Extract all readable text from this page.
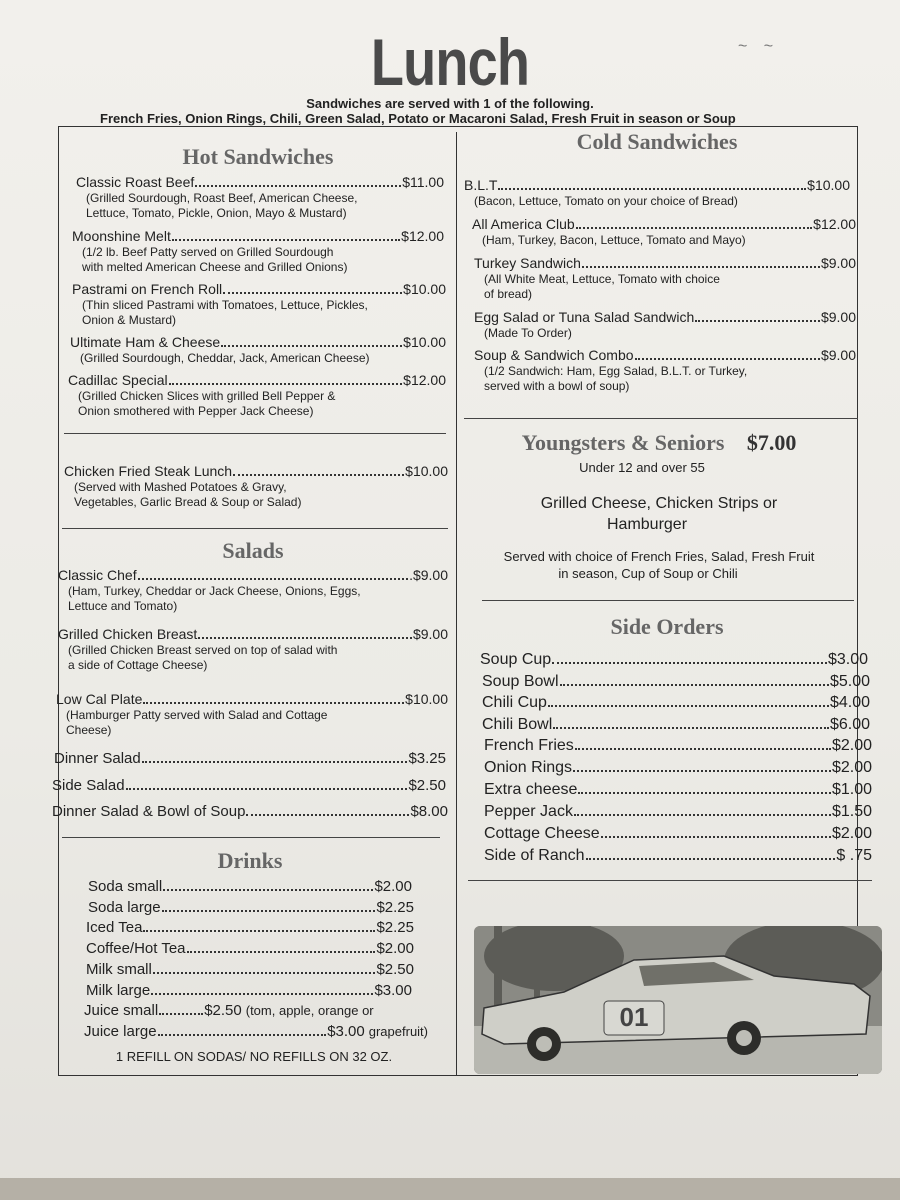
Lunch	~ ~
Sandwiches are served with 1 of the following.
French Fries, Onion Rings, Chili, Green Salad, Potato or Macaroni Salad, Fresh Fruit in season or Soup
Hot Sandwiches
Classic Roast Beef	$11.00
(Grilled Sourdough, Roast Beef, American Cheese,
Lettuce, Tomato, Pickle, Onion, Mayo & Mustard)
Moonshine Melt	$12.00
(1/2 lb. Beef Patty served on Grilled Sourdough
with melted American Cheese and Grilled Onions)
Pastrami on French Roll	$10.00
(Thin sliced Pastrami with Tomatoes, Lettuce, Pickles,
Onion & Mustard)
Ultimate Ham & Cheese	$10.00
(Grilled Sourdough, Cheddar, Jack, American Cheese)
Cadillac Special	$12.00
(Grilled Chicken Slices with grilled Bell Pepper &
Onion smothered with Pepper Jack Cheese)
Chicken Fried Steak Lunch	$10.00
(Served with Mashed Potatoes & Gravy,
Vegetables, Garlic Bread & Soup or Salad)
Salads
Classic Chef	.$9.00
(Ham, Turkey, Cheddar or Jack Cheese, Onions, Eggs,
Lettuce and Tomato)
Grilled Chicken Breast	$9.00
(Grilled Chicken Breast served on top of salad with
a side of Cottage Cheese)
Low Cal Plate	$10.00
(Hamburger Patty served with Salad and Cottage
Cheese)
Dinner Salad	$3.25
Side Salad	$2.50
Dinner Salad & Bowl of Soup	$8.00
Drinks
Soda small	$2.00
Soda large	$2.25
Iced Tea	$2.25
Coffee/Hot Tea	$2.00
Milk small	$2.50
Milk large	$3.00
Juice small	$2.50 (tom, apple, orange or
Juice large	$3.00 grapefruit)
1 REFILL ON SODAS/ NO REFILLS ON 32 OZ.
Cold Sandwiches
B.L.T	$10.00
(Bacon, Lettuce, Tomato on your choice of Bread)
All America Club	$12.00
(Ham, Turkey, Bacon, Lettuce, Tomato and Mayo)
Turkey Sandwich	$9.00
(All White Meat, Lettuce, Tomato with choice
of bread)
Egg Salad or Tuna Salad Sandwich	$9.00
(Made To Order)
Soup & Sandwich Combo	$9.00
(1/2 Sandwich: Ham, Egg Salad, B.L.T. or Turkey,
served with a bowl of soup)
Youngsters & Seniors $7.00
Under 12 and over 55
Grilled Cheese, Chicken Strips or
Hamburger
Served with choice of French Fries, Salad, Fresh Fruit
in season, Cup of Soup or Chili
Side Orders
Soup Cup	$3.00
Soup Bowl	$5.00
Chili Cup	$4.00
Chili Bowl	$6.00
French Fries	$2.00
Onion Rings	$2.00
Extra cheese	$1.00
Pepper Jack	$1.50
Cottage Cheese	$2.00
Side of Ranch	$ .75
01
